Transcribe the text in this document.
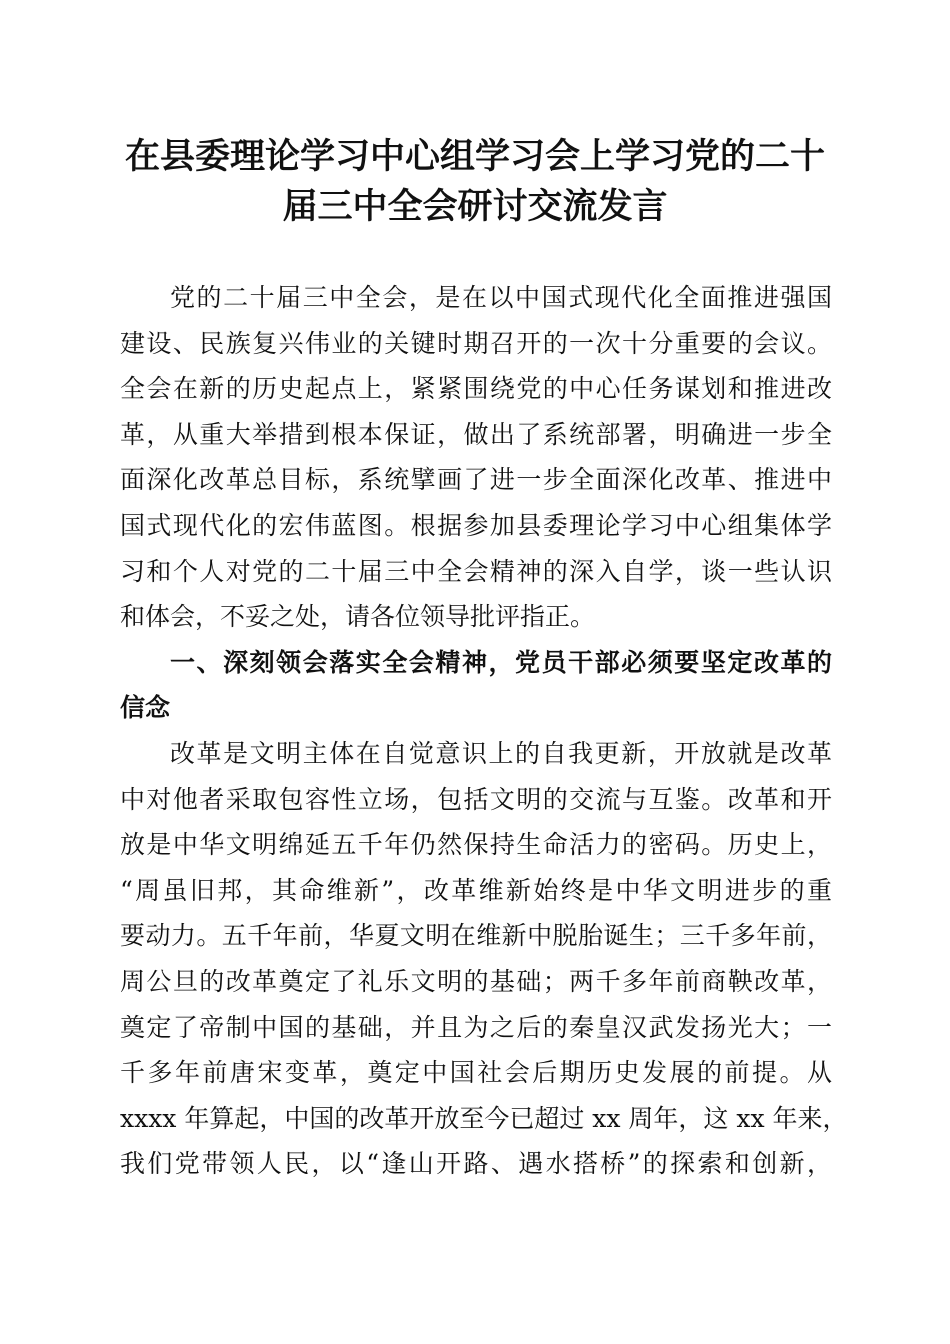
在县委理论学习中心组学习会上学习党的二十
届三中全会研讨交流发言
党的二十届三中全会，是在以中国式现代化全面推进强国
建设、民族复兴伟业的关键时期召开的一次十分重要的会议。
全会在新的历史起点上，紧紧围绕党的中心任务谋划和推进改
革，从重大举措到根本保证，做出了系统部署，明确进一步全
面深化改革总目标，系统擘画了进一步全面深化改革、推进中
国式现代化的宏伟蓝图。根据参加县委理论学习中心组集体学
习和个人对党的二十届三中全会精神的深入自学，谈一些认识
和体会，不妥之处，请各位领导批评指正。
一、深刻领会落实全会精神，党员干部必须要坚定改革的
信念
改革是文明主体在自觉意识上的自我更新，开放就是改革
中对他者采取包容性立场，包括文明的交流与互鉴。改革和开
放是中华文明绵延五千年仍然保持生命活力的密码。历史上，
“周虽旧邦，其命维新”，改革维新始终是中华文明进步的重
要动力。五千年前，华夏文明在维新中脱胎诞生；三千多年前，
周公旦的改革奠定了礼乐文明的基础；两千多年前商鞅改革，
奠定了帝制中国的基础，并且为之后的秦皇汉武发扬光大；一
千多年前唐宋变革，奠定中国社会后期历史发展的前提。从
xxxx 年算起，中国的改革开放至今已超过 xx 周年，这 xx 年来，
我们党带领人民，以“逢山开路、遇水搭桥”的探索和创新，
